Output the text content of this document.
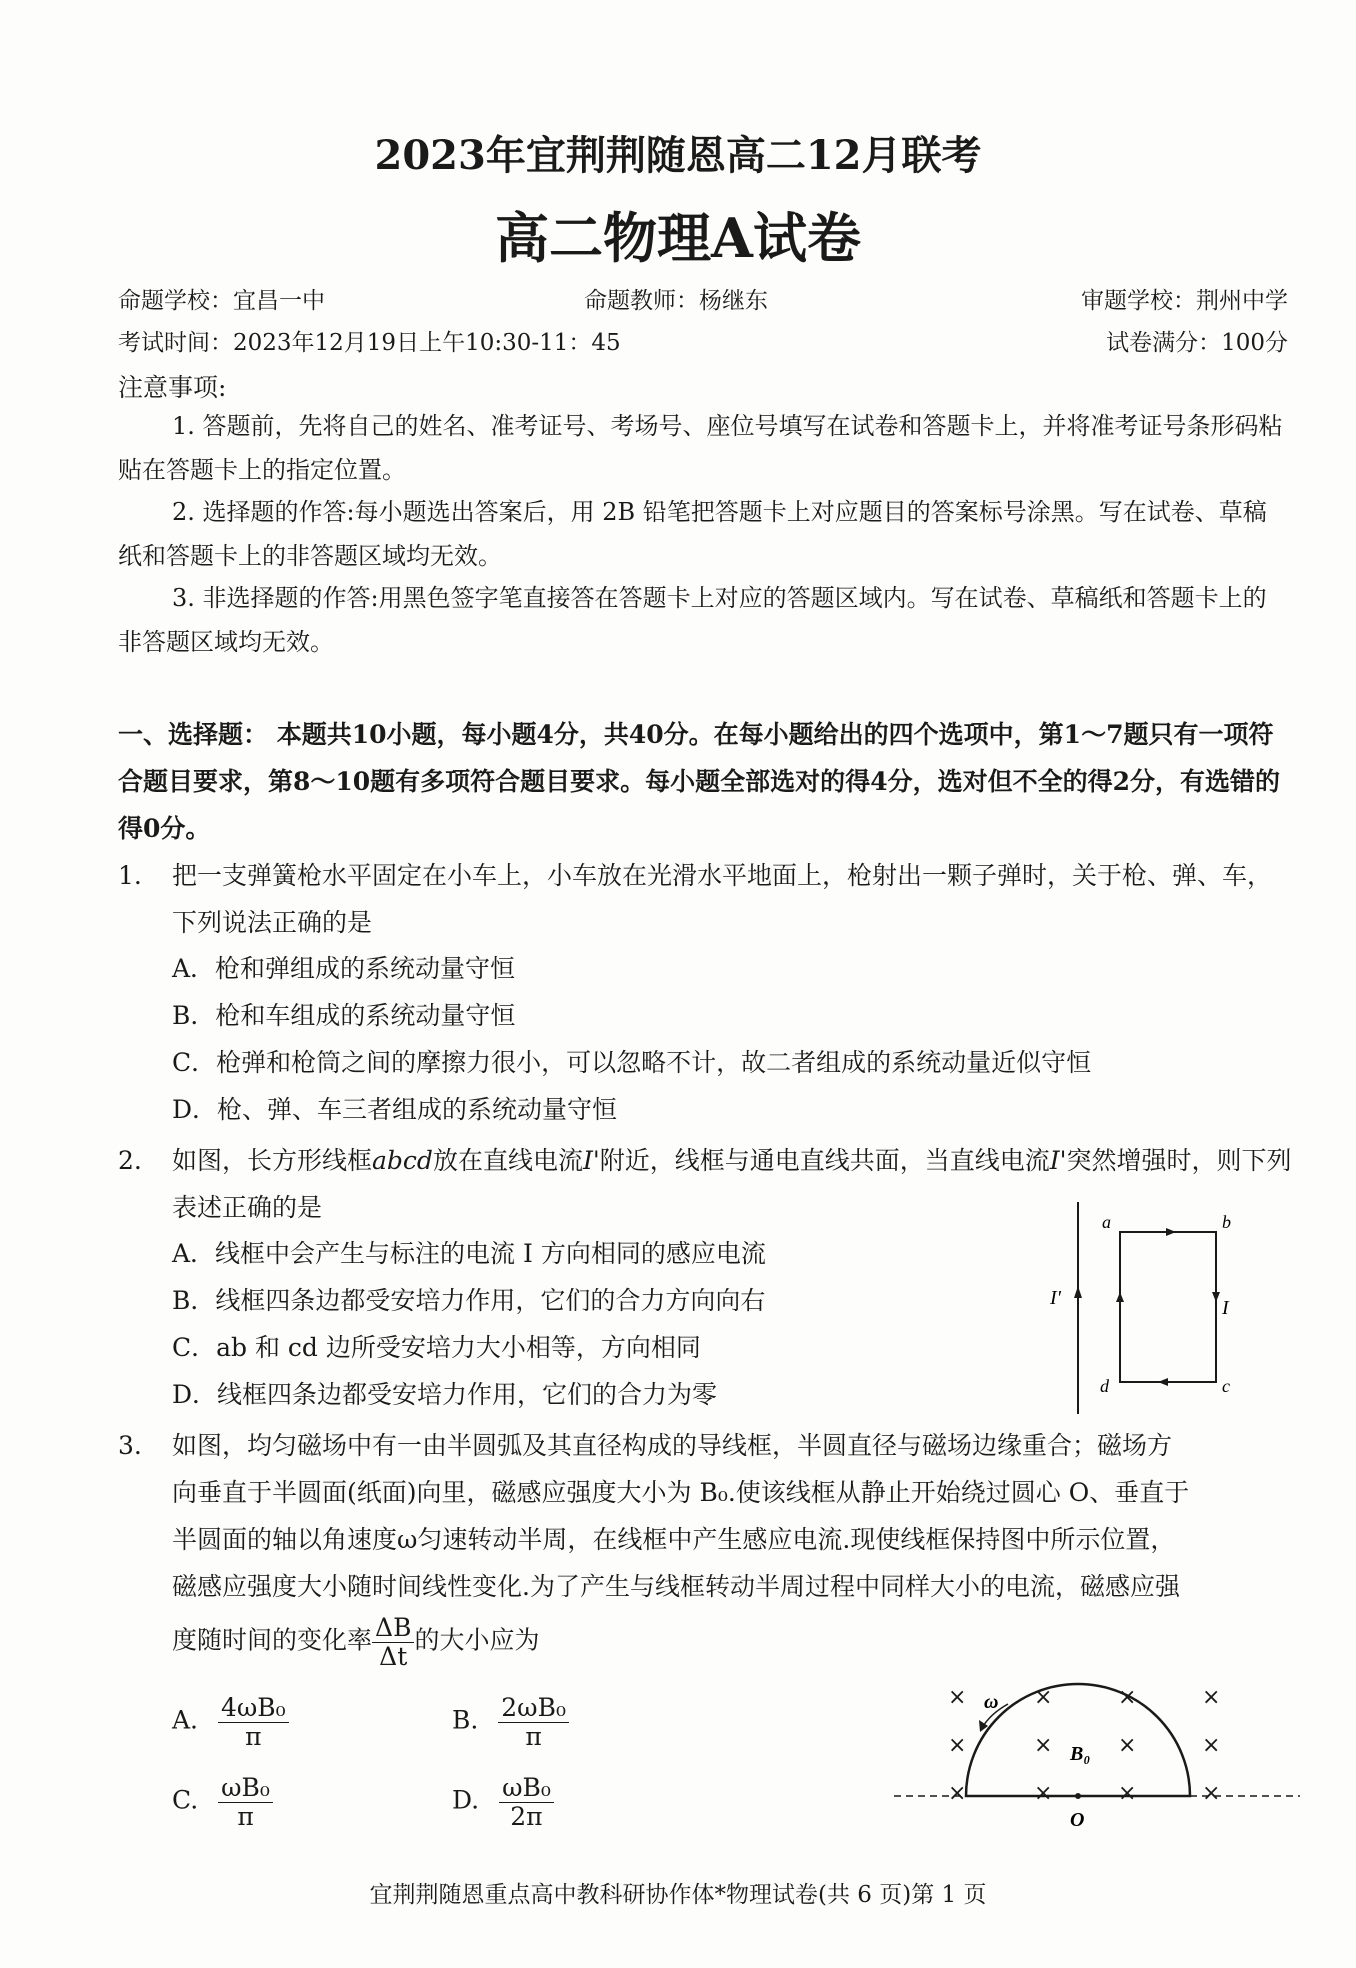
2023年宜荆荆随恩高二12月联考
高二物理A试卷
命题学校：宜昌一中	命题教师：杨继东	审题学校：荆州中学
考试时间：2023年12月19日上午10:30-11：45	试卷满分：100分
注意事项:
1. 答题前，先将自己的姓名、准考证号、考场号、座位号填写在试卷和答题卡上，并将准考证号条形码粘贴在答题卡上的指定位置。
2. 选择题的作答:每小题选出答案后，用 2B 铅笔把答题卡上对应题目的答案标号涂黑。写在试卷、草稿纸和答题卡上的非答题区域均无效。
3. 非选择题的作答:用黑色签字笔直接答在答题卡上对应的答题区域内。写在试卷、草稿纸和答题卡上的非答题区域均无效。
一、选择题： 本题共10小题，每小题4分，共40分。在每小题给出的四个选项中，第1～7题只有一项符合题目要求，第8～10题有多项符合题目要求。每小题全部选对的得4分，选对但不全的得2分，有选错的得0分。
1. 把一支弹簧枪水平固定在小车上，小车放在光滑水平地面上，枪射出一颗子弹时，关于枪、弹、车，下列说法正确的是
A．枪和弹组成的系统动量守恒
B．枪和车组成的系统动量守恒
C．枪弹和枪筒之间的摩擦力很小，可以忽略不计，故二者组成的系统动量近似守恒
D．枪、弹、车三者组成的系统动量守恒
2. 如图，长方形线框abcd放在直线电流I'附近，线框与通电直线共面，当直线电流I'突然增强时，则下列表述正确的是
A．线框中会产生与标注的电流 I 方向相同的感应电流
B．线框四条边都受安培力作用，它们的合力方向向右
C．ab 和 cd 边所受安培力大小相等，方向相同
D．线框四条边都受安培力作用，它们的合力为零
a	b
c
d
I
I'
3. 如图，均匀磁场中有一由半圆弧及其直径构成的导线框，半圆直径与磁场边缘重合；磁场方
向垂直于半圆面(纸面)向里，磁感应强度大小为 B₀.使该线框从静止开始绕过圆心 O、垂直于
半圆面的轴以角速度ω匀速转动半周，在线框中产生感应电流.现使线框保持图中所示位置，
磁感应强度大小随时间线性变化.为了产生与线框转动半周过程中同样大小的电流，磁感应强
度随时间的变化率 $\frac{\Delta B}{\Delta t}$ 的大小应为
A. $\frac{\text{4ωB₀}}{\pi}$	B. $\frac{\text{2ωB₀}}{\pi}$
C. $\frac{\text{ωB₀}}{\pi}$	D. $\frac{\text{ωB₀}}{2\pi}$
×	×	×	×
×	×	×	×
×	×	×	×
ω
B₀
O
宜荆荆随恩重点高中教科研协作体*物理试卷(共 6 页)第 1 页
